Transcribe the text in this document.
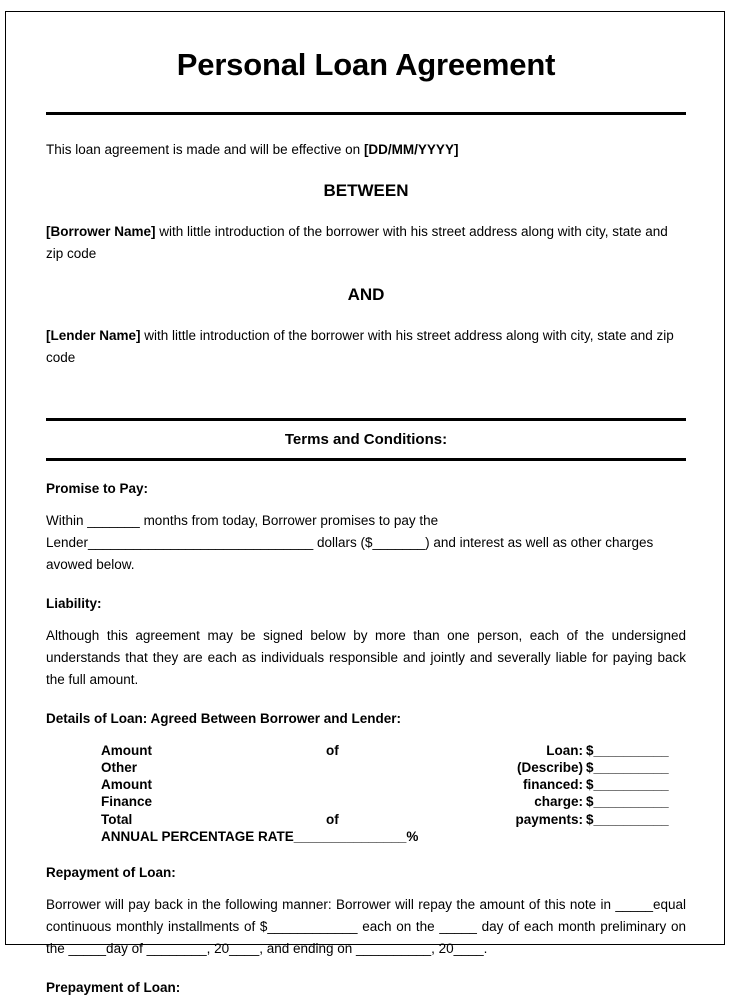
Personal Loan Agreement

This loan agreement is made and will be effective on [DD/MM/YYYY]

BETWEEN

[Borrower Name] with little introduction of the borrower with his street address along with city, state and zip code

AND

[Lender Name] with little introduction of the borrower with his street address along with city, state and zip code

Terms and Conditions:
Promise to Pay:

Within _______ months from today, Borrower promises to pay the Lender______________________________ dollars ($_______) and interest as well as other charges avowed below.

Liability:

Although this agreement may be signed below by more than one person, each of the undersigned understands that they are each as individuals responsible and jointly and severally liable for paying back the full amount.

Details of Loan: Agreed Between Borrower and Lender:
Amount	of	Loan: $__________
Other	(Describe) $__________
Amount	financed: $__________
Finance	charge: $__________
Total	of	payments: $__________
ANNUAL PERCENTAGE RATE_______________%
Repayment of Loan:

Borrower will pay back in the following manner: Borrower will repay the amount of this note in _____equal continuous monthly installments of $____________ each on the _____ day of each month preliminary on the _____day of ________, 20____, and ending on __________, 20____.

Prepayment of Loan:
